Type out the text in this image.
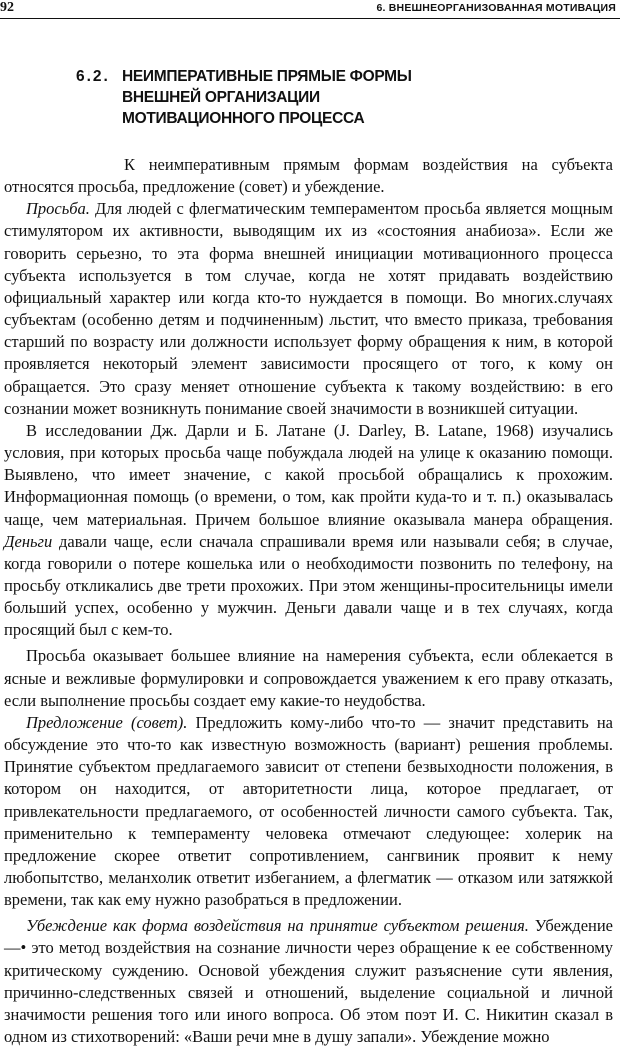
92	6. ВНЕШНЕОРГАНИЗОВАННАЯ МОТИВАЦИЯ
6.2. НЕИМПЕРАТИВНЫЕ ПРЯМЫЕ ФОРМЫ
ВНЕШНЕЙ ОРГАНИЗАЦИИ
МОТИВАЦИОННОГО ПРОЦЕССА

К неимперативным прямым формам воздействия на субъекта относятся просьба, предложение (совет) и убеждение.

Просьба. Для людей с флегматическим темпераментом просьба является мощным стимулятором их активности, выводящим их из «состояния анабиоза». Если же говорить серьезно, то эта форма внешней инициации мотивационного процесса субъекта используется в том случае, когда не хотят придавать воздействию официальный характер или когда кто-то нуждается в помощи. Во многих.случаях субъектам (особенно детям и подчиненным) льстит, что вместо приказа, требования старший по возрасту или должности использует форму обращения к ним, в которой проявляется некоторый элемент зависимости просящего от того, к кому он обращается. Это сразу меняет отношение субъекта к такому воздействию: в его сознании может возникнуть понимание своей значимости в возникшей ситуации.

В исследовании Дж. Дарли и Б. Латане (J. Darley, B. Latane, 1968) изучались условия, при которых просьба чаще побуждала людей на улице к оказанию помощи. Выявлено, что имеет значение, с какой просьбой обращались к прохожим. Информационная помощь (о времени, о том, как пройти куда-то и т. п.) оказывалась чаще, чем материальная. Причем большое влияние оказывала манера обращения. Деньги давали чаще, если сначала спрашивали время или называли себя; в случае, когда говорили о потере кошелька или о необходимости позвонить по телефону, на просьбу откликались две трети прохожих. При этом женщины-просительницы имели больший успех, особенно у мужчин. Деньги давали чаще и в тех случаях, когда просящий был с кем-то.

Просьба оказывает большее влияние на намерения субъекта, если облекается в ясные и вежливые формулировки и сопровождается уважением к его праву отказать, если выполнение просьбы создает ему какие-то неудобства.

Предложение (совет). Предложить кому-либо что-то — значит представить на обсуждение это что-то как известную возможность (вариант) решения проблемы. Принятие субъектом предлагаемого зависит от степени безвыходности положения, в котором он находится, от авторитетности лица, которое предлагает, от привлекательности предлагаемого, от особенностей личности самого субъекта. Так, применительно к темпераменту человека отмечают следующее: холерик на предложение скорее ответит сопротивлением, сангвиник проявит к нему любопытство, меланхолик ответит избеганием, а флегматик — отказом или затяжкой времени, так как ему нужно разобраться в предложении.

Убеждение как форма воздействия на принятие субъектом решения. Убеждение —• это метод воздействия на сознание личности через обращение к ее собственному критическому суждению. Основой убеждения служит разъяснение сути явления, причинно-следственных связей и отношений, выделение социальной и личной значимости решения того или иного вопроса. Об этом поэт И. С. Никитин сказал в одном из стихотворений: «Ваши речи мне в душу запали». Убеждение можно
